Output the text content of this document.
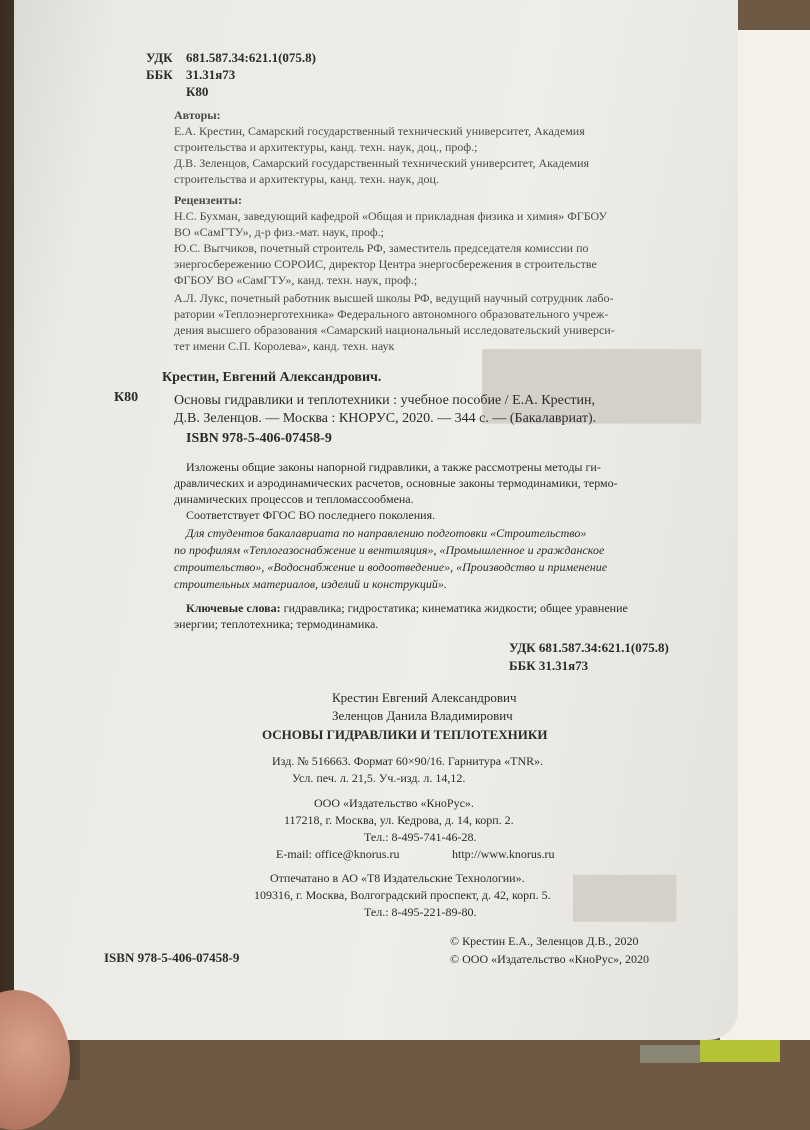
▇▇▇▇
▇▇▇
УДК 681.587.34:621.1(075.8)
ББК 31.31я73
К80
Авторы:
Е.А. Крестин, Самарский государственный технический университет, Академия
строительства и архитектуры, канд. техн. наук, доц., проф.;
Д.В. Зеленцов, Самарский государственный технический университет, Академия
строительства и архитектуры, канд. техн. наук, доц.
Рецензенты:
Н.С. Бухман, заведующий кафедрой «Общая и прикладная физика и химия» ФГБОУ
ВО «СамГТУ», д-р физ.-мат. наук, проф.;
Ю.С. Вытчиков, почетный строитель РФ, заместитель председателя комиссии по
энергосбережению СОРОИС, директор Центра энергосбережения в строительстве
ФГБОУ ВО «СамГТУ», канд. техн. наук, проф.;
А.Л. Лукс, почетный работник высшей школы РФ, ведущий научный сотрудник лабо-
ратории «Теплоэнерготехника» Федерального автономного образовательного учреж-
дения высшего образования «Самарский национальный исследовательский универси-
тет имени С.П. Королева», канд. техн. наук
Крестин, Евгений Александрович.
К80	Основы гидравлики и теплотехники : учебное пособие / Е.А. Крестин,
Д.В. Зеленцов. — Москва : КНОРУС, 2020. — 344 с. — (Бакалавриат).
ISBN 978-5-406-07458-9
Изложены общие законы напорной гидравлики, а также рассмотрены методы ги-
дравлических и аэродинамических расчетов, основные законы термодинамики, термо-
динамических процессов и тепломассообмена.
Соответствует ФГОС ВО последнего поколения.
Для студентов бакалавриата по направлению подготовки «Строительство»
по профилям «Теплогазоснабжение и вентиляция», «Промышленное и гражданское
строительство», «Водоснабжение и водоотведение», «Производство и применение
строительных материалов, изделий и конструкций».
Ключевые слова: гидравлика; гидростатика; кинематика жидкости; общее уравнение
энергии; теплотехника; термодинамика.
УДК 681.587.34:621.1(075.8)
ББК 31.31я73
Крестин Евгений Александрович
Зеленцов Данила Владимирович
ОСНОВЫ ГИДРАВЛИКИ И ТЕПЛОТЕХНИКИ
Изд. № 516663. Формат 60×90/16. Гарнитура «TNR».
Усл. печ. л. 21,5. Уч.-изд. л. 14,12.
ООО «Издательство «КноРус».
117218, г. Москва, ул. Кедрова, д. 14, корп. 2.
Тел.: 8-495-741-46-28.
E-mail: office@knorus.ru	http://www.knorus.ru
Отпечатано в АО «Т8 Издательские Технологии».
109316, г. Москва, Волгоградский проспект, д. 42, корп. 5.
Тел.: 8-495-221-89-80.
© Крестин Е.А., Зеленцов Д.В., 2020
ISBN 978-5-406-07458-9	© ООО «Издательство «КноРус», 2020
